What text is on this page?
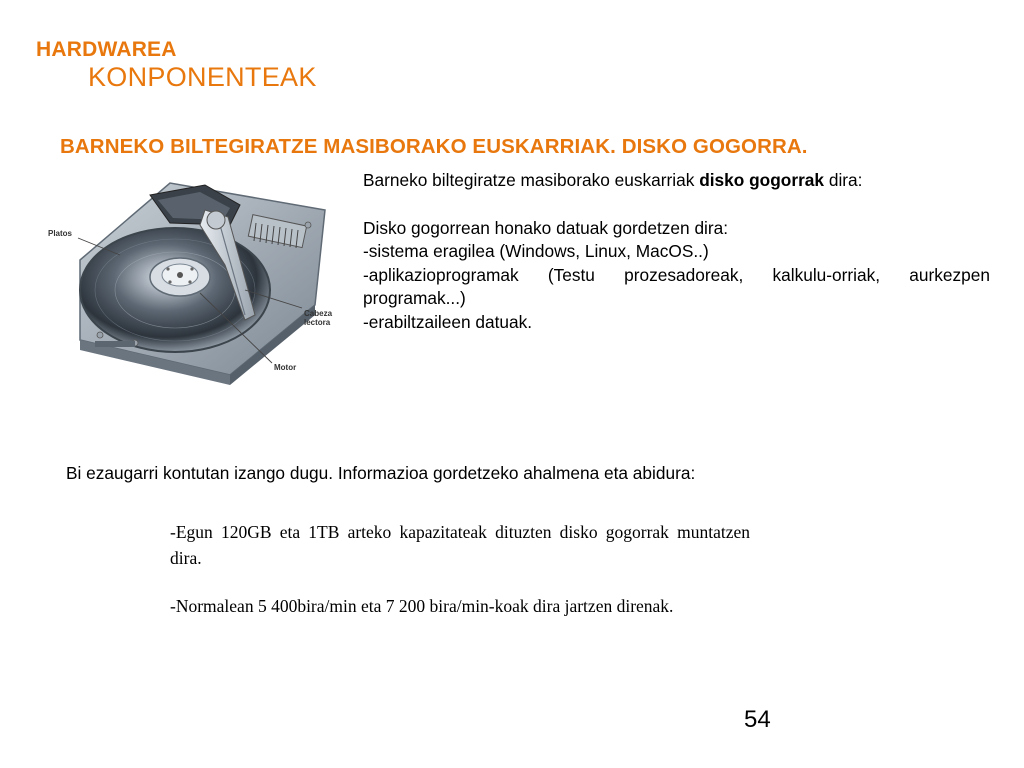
HARDWAREA
KONPONENTEAK
BARNEKO BILTEGIRATZE MASIBORAKO EUSKARRIAK. DISKO GOGORRA.
Platos
Cabeza
lectora
Motor

Barneko biltegiratze masiborako euskarriak disko gogorrak dira:

Disko gogorrean honako datuak gordetzen dira:

-sistema eragilea (Windows, Linux, MacOS..)

-aplikazioprogramak (Testu prozesadoreak, kalkulu-orriak, aurkezpen programak...)

-erabiltzaileen datuak.

Bi ezaugarri kontutan izango dugu. Informazioa gordetzeko ahalmena eta abidura:

-Egun 120GB eta 1TB arteko kapazitateak dituzten disko gogorrak muntatzen dira.

-Normalean 5 400bira/min eta 7 200 bira/min-koak dira jartzen direnak.

54
